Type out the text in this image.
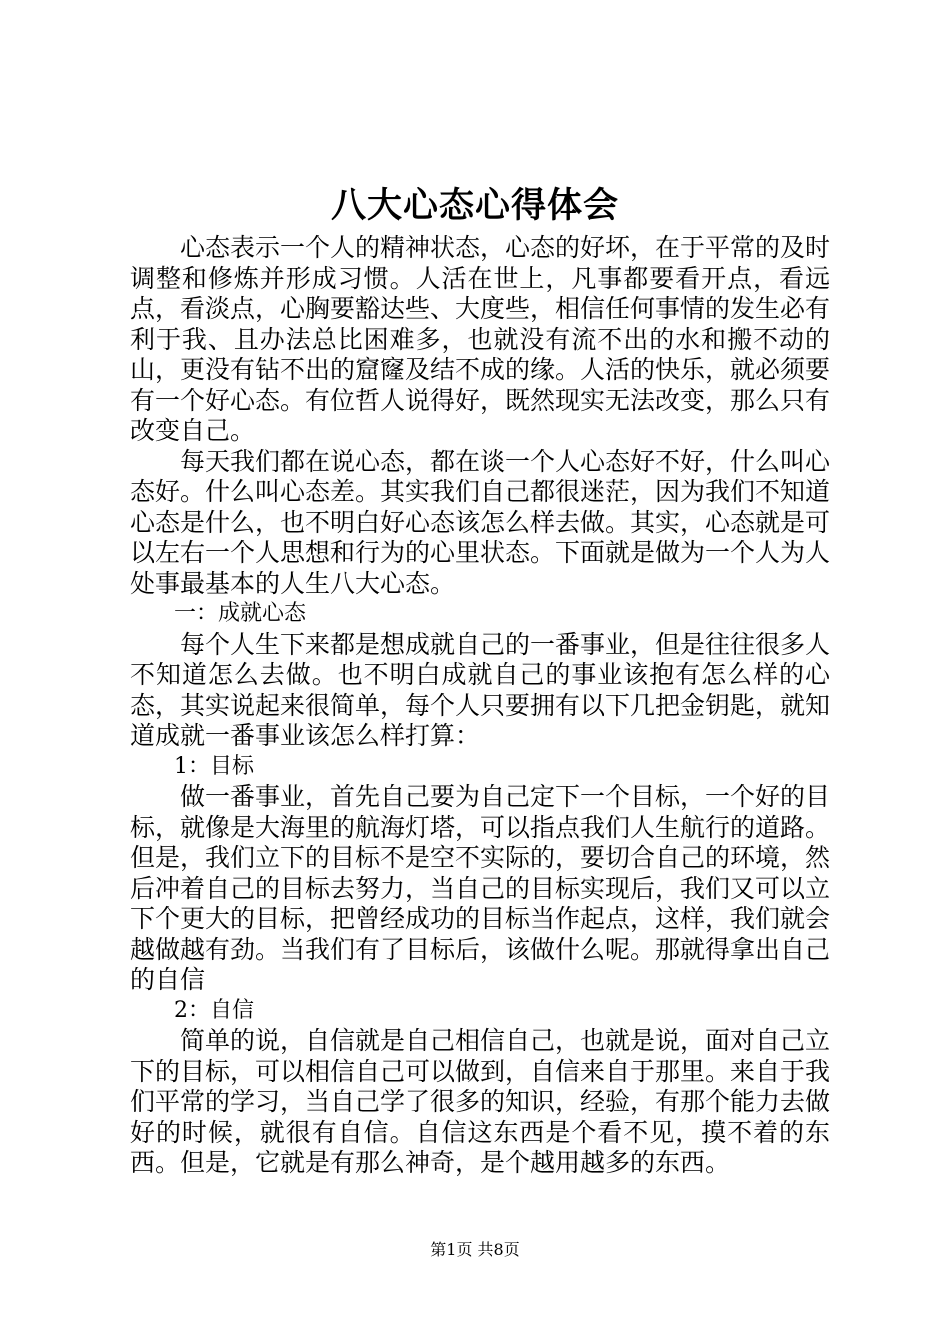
八大心态心得体会

心态表示一个人的精神状态，心态的好坏，在于平常的及时调整和修炼并形成习惯。人活在世上，凡事都要看开点，看远点，看淡点，心胸要豁达些、大度些，相信任何事情的发生必有利于我、且办法总比困难多，也就没有流不出的水和搬不动的山，更没有钻不出的窟窿及结不成的缘。人活的快乐，就必须要有一个好心态。有位哲人说得好，既然现实无法改变，那么只有改变自己。

每天我们都在说心态，都在谈一个人心态好不好，什么叫心态好。什么叫心态差。其实我们自己都很迷茫，因为我们不知道心态是什么，也不明白好心态该怎么样去做。其实，心态就是可以左右一个人思想和行为的心里状态。下面就是做为一个人为人处事最基本的人生八大心态。

一：成就心态

每个人生下来都是想成就自己的一番事业，但是往往很多人不知道怎么去做。也不明白成就自己的事业该抱有怎么样的心态，其实说起来很简单，每个人只要拥有以下几把金钥匙，就知道成就一番事业该怎么样打算：

1：目标

做一番事业，首先自己要为自己定下一个目标，一个好的目标，就像是大海里的航海灯塔，可以指点我们人生航行的道路。但是，我们立下的目标不是空不实际的，要切合自己的环境，然后冲着自己的目标去努力，当自己的目标实现后，我们又可以立下个更大的目标，把曾经成功的目标当作起点，这样，我们就会越做越有劲。当我们有了目标后，该做什么呢。那就得拿出自己的自信

2：自信

简单的说，自信就是自己相信自己，也就是说，面对自己立下的目标，可以相信自己可以做到，自信来自于那里。来自于我们平常的学习，当自己学了很多的知识，经验，有那个能力去做好的时候，就很有自信。自信这东西是个看不见，摸不着的东西。但是，它就是有那么神奇，是个越用越多的东西。

第1页 共8页
